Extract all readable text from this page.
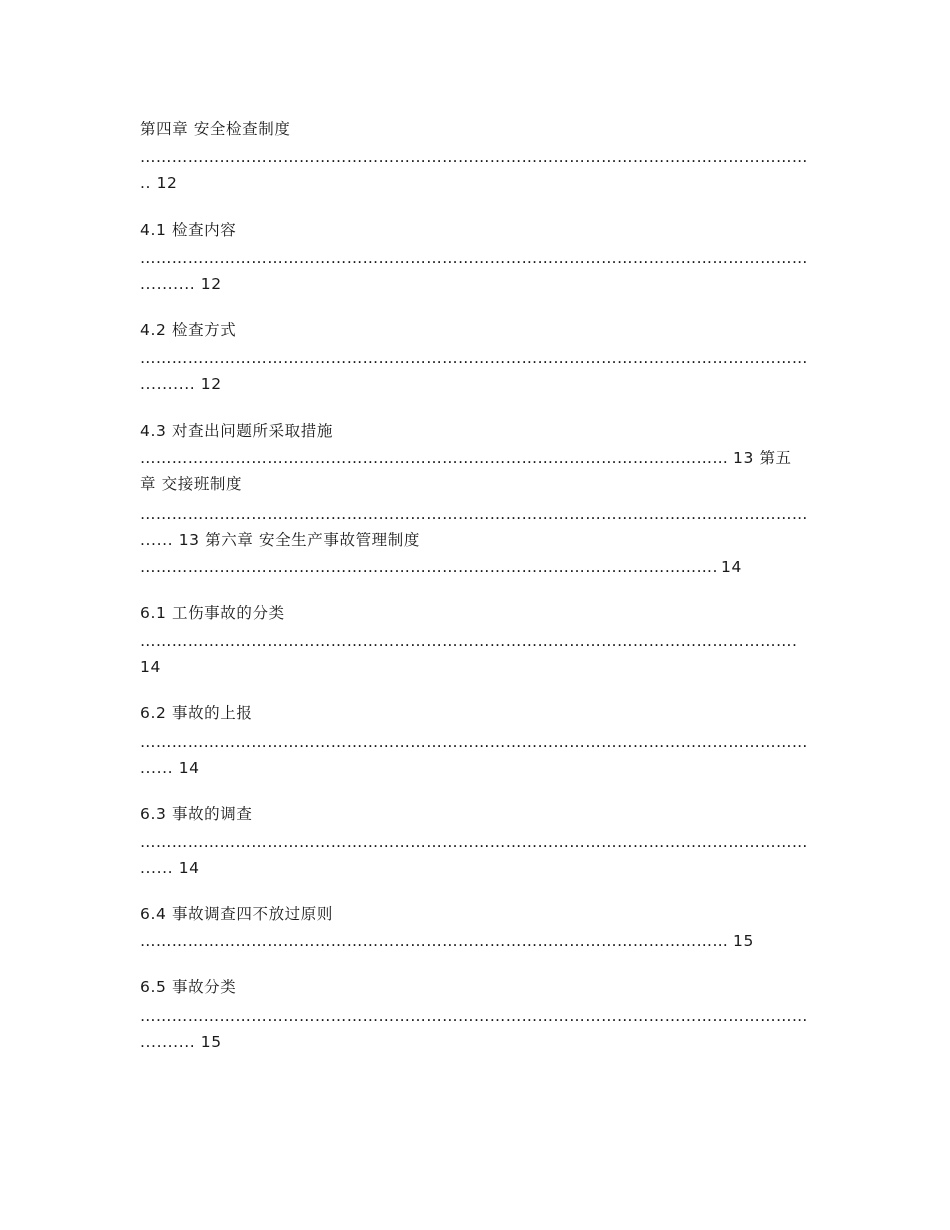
第四章 安全检查制度
……………………………………………………………………………………………………………………………………………………
.. 12
4.1 检查内容
……………………………………………………………………………………………………………………………………………………
.......... 12
4.2 检查方式
……………………………………………………………………………………………………………………………………………………
.......... 12
4.3 对查出问题所采取措施
……………………………………………………………………………………………………………………………………………………
13 第五
章 交接班制度
……………………………………………………………………………………………………………………………………………………
...... 13 第六章 安全生产事故管理制度
……………………………………………………………………………………………………………………………………………………
14
6.1 工伤事故的分类
……………………………………………………………………………………………………………………………………………………
14
6.2 事故的上报
……………………………………………………………………………………………………………………………………………………
...... 14
6.3 事故的调查
……………………………………………………………………………………………………………………………………………………
...... 14
6.4 事故调查四不放过原则
……………………………………………………………………………………………………………………………………………………
15
6.5 事故分类
……………………………………………………………………………………………………………………………………………………
.......... 15
